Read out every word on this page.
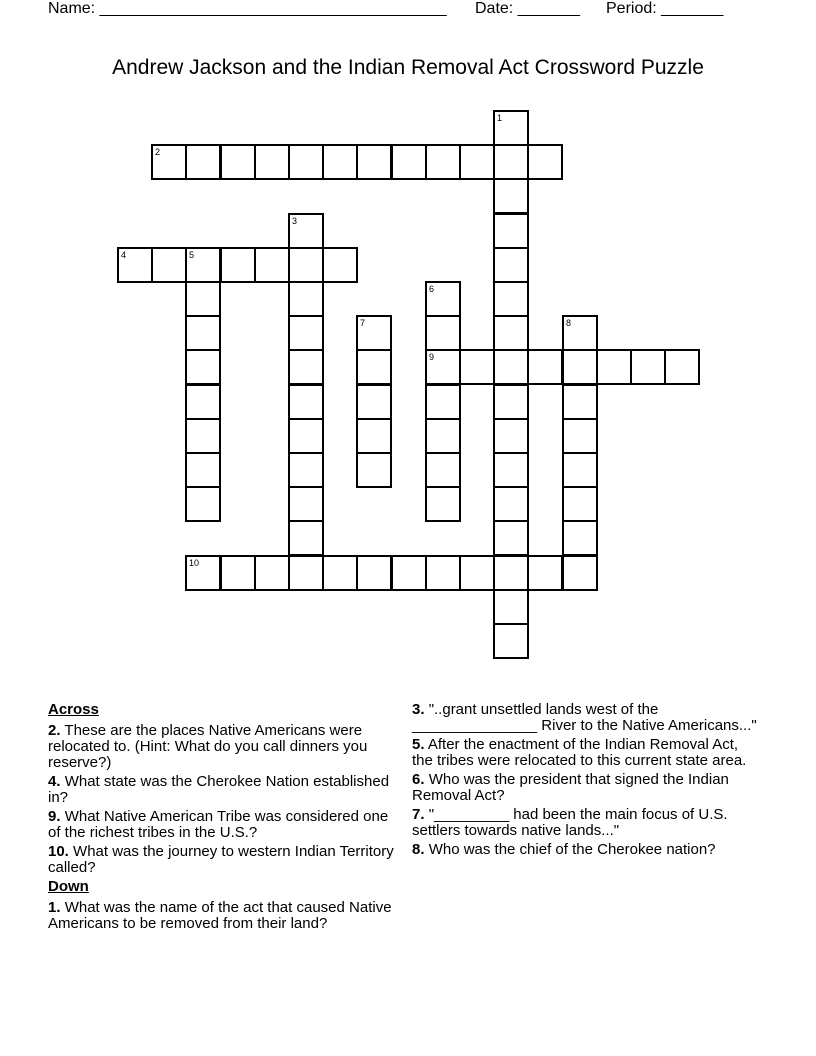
Name: _______________________________________ Date: _______ Period: _______
Andrew Jackson and the Indian Removal Act Crossword Puzzle
1
2
3
4	5
6
9
7	8
10
Across
2. These are the places Native Americans were relocated to. (Hint: What do you call dinners you reserve?)
4. What state was the Cherokee Nation established in?
9. What Native American Tribe was considered one of the richest tribes in the U.S.?
10. What was the journey to western Indian Territory called?
Down
1. What was the name of the act that caused Native Americans to be removed from their land?
3. "..grant unsettled lands west of the _______________ River to the Native Americans..."
5. After the enactment of the Indian Removal Act, the tribes were relocated to this current state area.
6. Who was the president that signed the Indian Removal Act?
7. "_________ had been the main focus of U.S. settlers towards native lands..."
8. Who was the chief of the Cherokee nation?
